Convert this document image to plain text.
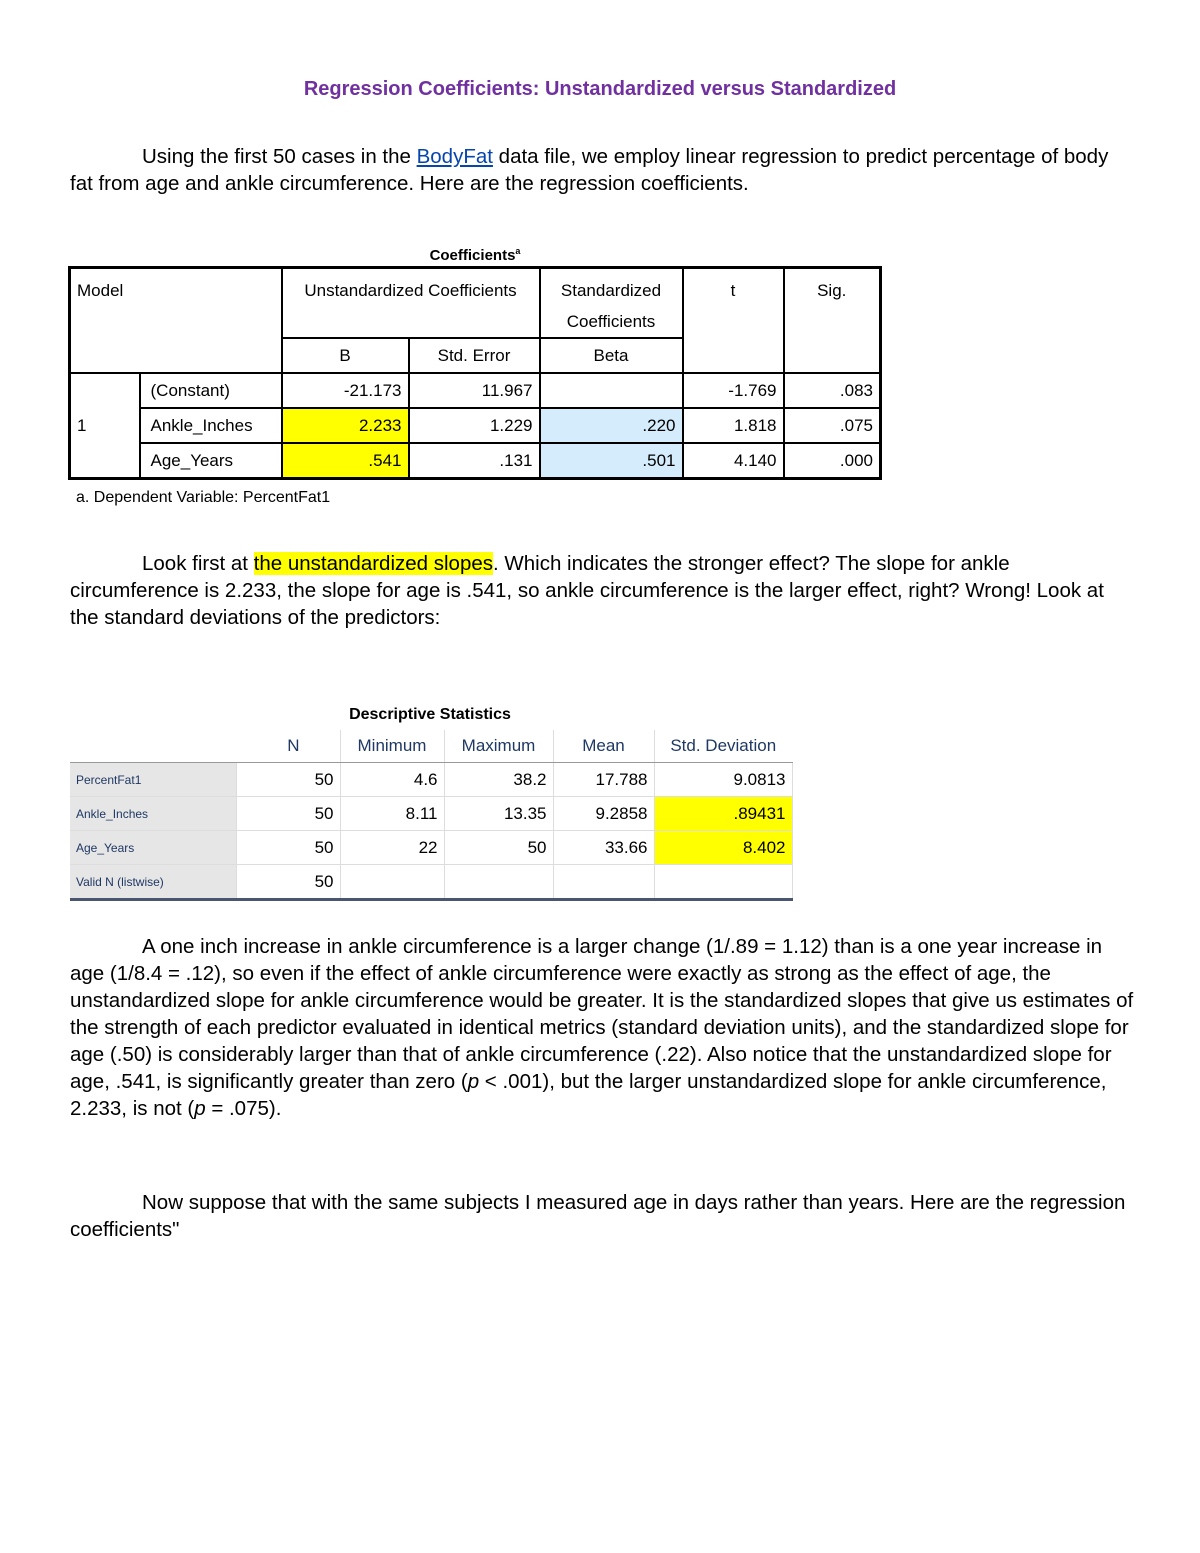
Regression Coefficients: Unstandardized versus Standardized

Using the first 50 cases in the BodyFat data file, we employ linear regression to predict percentage of body fat from age and ankle circumference. Here are the regression coefficients.

Coefficients$^a$
Model		Unstandardized Coefficients		Standardized Coefficients	t	Sig.
		B	Std. Error	Beta		
1	(Constant)	-21.173	11.967		-1.769	.083
	Ankle_Inches	2.233	1.229	.220	1.818	.075
	Age_Years	.541	.131	.501	4.140	.000
a. Dependent Variable: PercentFat1

Look first at the unstandardized slopes. Which indicates the stronger effect? The slope for ankle circumference is 2.233, the slope for age is .541, so ankle circumference is the larger effect, right? Wrong! Look at the standard deviations of the predictors:

Descriptive Statistics
	N	Minimum	Maximum	Mean	Std. Deviation
PercentFat1	50	4.6	38.2	17.788	9.0813
Ankle_Inches	50	8.11	13.35	9.2858	.89431
Age_Years	50	22	50	33.66	8.402
Valid N (listwise)	50				

A one inch increase in ankle circumference is a larger change (1/.89 = 1.12) than is a one year increase in age (1/8.4 = .12), so even if the effect of ankle circumference were exactly as strong as the effect of age, the unstandardized slope for ankle circumference would be greater. It is the standardized slopes that give us estimates of the strength of each predictor evaluated in identical metrics (standard deviation units), and the standardized slope for age (.50) is considerably larger than that of ankle circumference (.22). Also notice that the unstandardized slope for age, .541, is significantly greater than zero (p < .001), but the larger unstandardized slope for ankle circumference, 2.233, is not (p = .075).

Now suppose that with the same subjects I measured age in days rather than years. Here are the regression coefficients"
